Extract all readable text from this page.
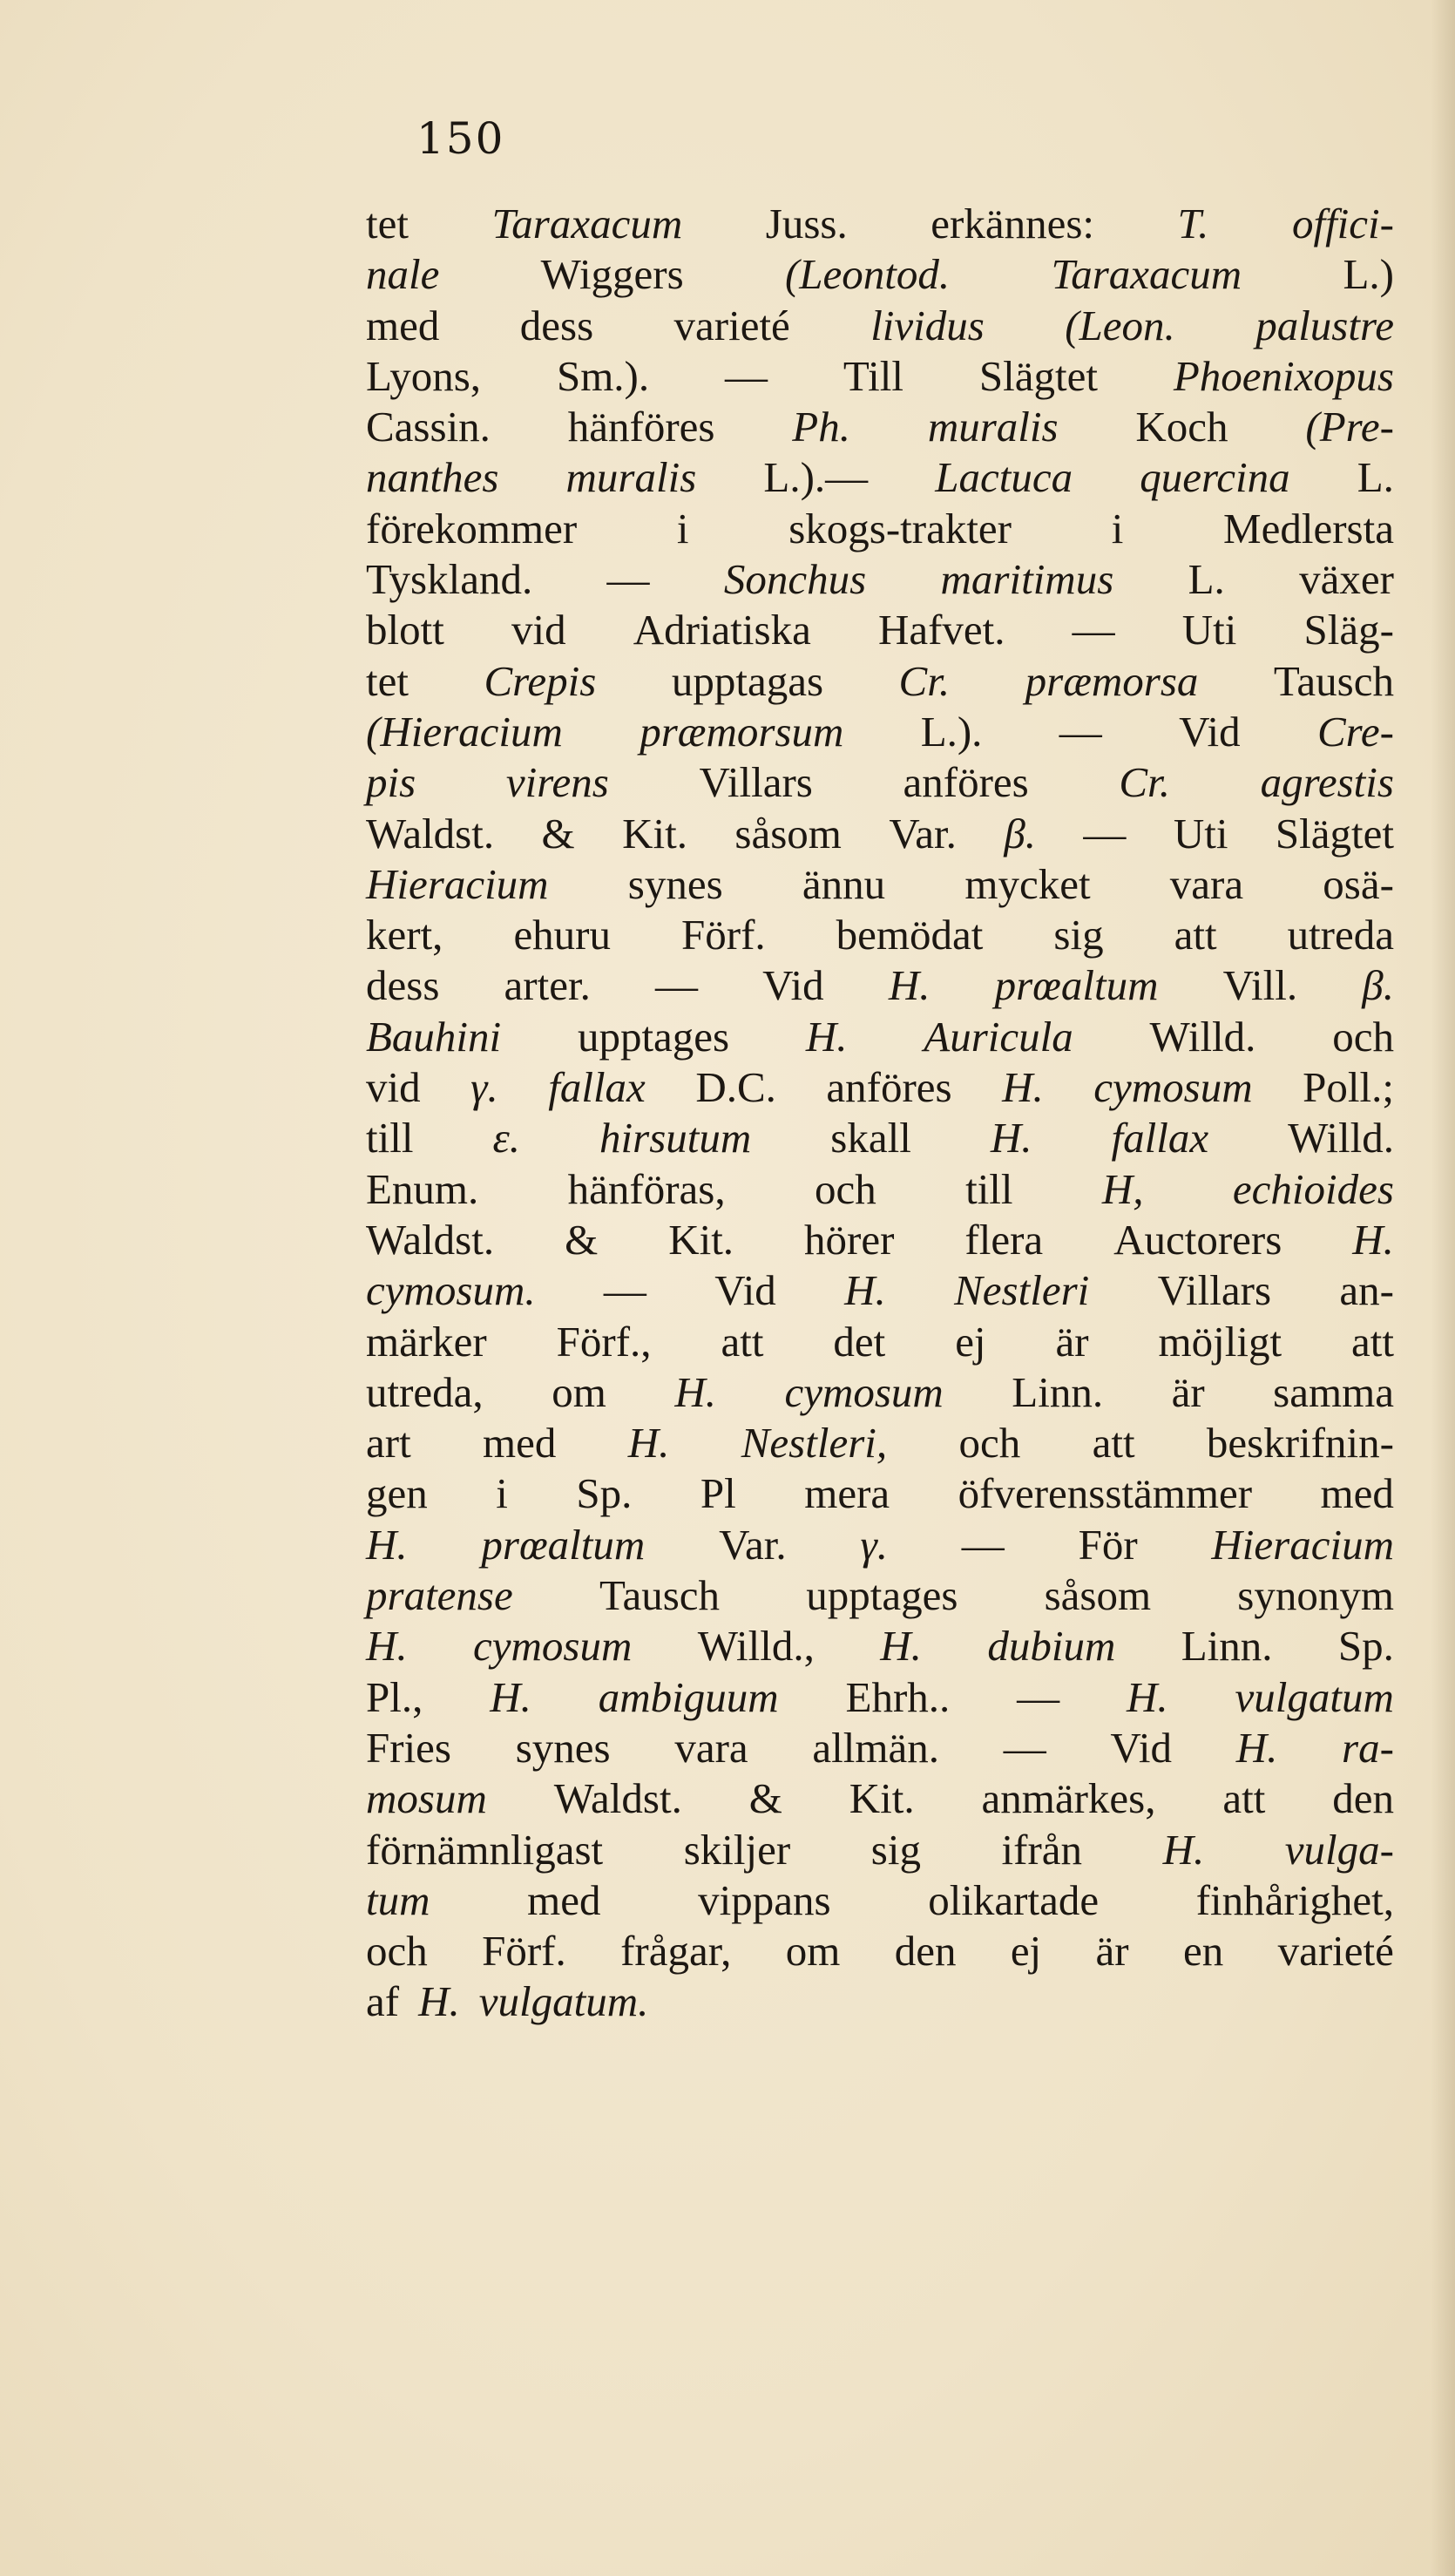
150
tet Taraxacum Juss. erkännes: T. offici-
nale Wiggers (Leontod. Taraxacum L.)
med dess varieté lividus (Leon. palustre
Lyons, Sm.). — Till Slägtet Phoenixopus
Cassin. hänföres Ph. muralis Koch (Pre-
nanthes muralis L.).— Lactuca quercina L.
förekommer i skogs-trakter i Medlersta
Tyskland. — Sonchus maritimus L. växer
blott vid Adriatiska Hafvet. — Uti Släg-
tet Crepis upptagas Cr. præmorsa Tausch
(Hieracium præmorsum L.). — Vid Cre-
pis virens Villars anföres Cr. agrestis
Waldst. & Kit. såsom Var. β. — Uti Slägtet
Hieracium synes ännu mycket vara osä-
kert, ehuru Förf. bemödat sig att utreda
dess arter. — Vid H. prœaltum Vill. β.
Bauhini upptages H. Auricula Willd. och
vid γ. fallax D.C. anföres H. cymosum Poll.;
till ε. hirsutum skall H. fallax Willd.
Enum. hänföras, och till H, echioides
Waldst. & Kit. hörer flera Auctorers H.
cymosum. — Vid H. Nestleri Villars an-
märker Förf., att det ej är möjligt att
utreda, om H. cymosum Linn. är samma
art med H. Nestleri, och att beskrifnin-
gen i Sp. Pl mera öfverensstämmer med
H. prœaltum Var. γ. — För Hieracium
pratense Tausch upptages såsom synonym
H. cymosum Willd., H. dubium Linn. Sp.
Pl., H. ambiguum Ehrh.. — H. vulgatum
Fries synes vara allmän. — Vid H. ra-
mosum Waldst. & Kit. anmärkes, att den
förnämnligast skiljer sig ifrån H. vulga-
tum med vippans olikartade finhårighet,
och Förf. frågar, om den ej är en varieté
af H. vulgatum.
